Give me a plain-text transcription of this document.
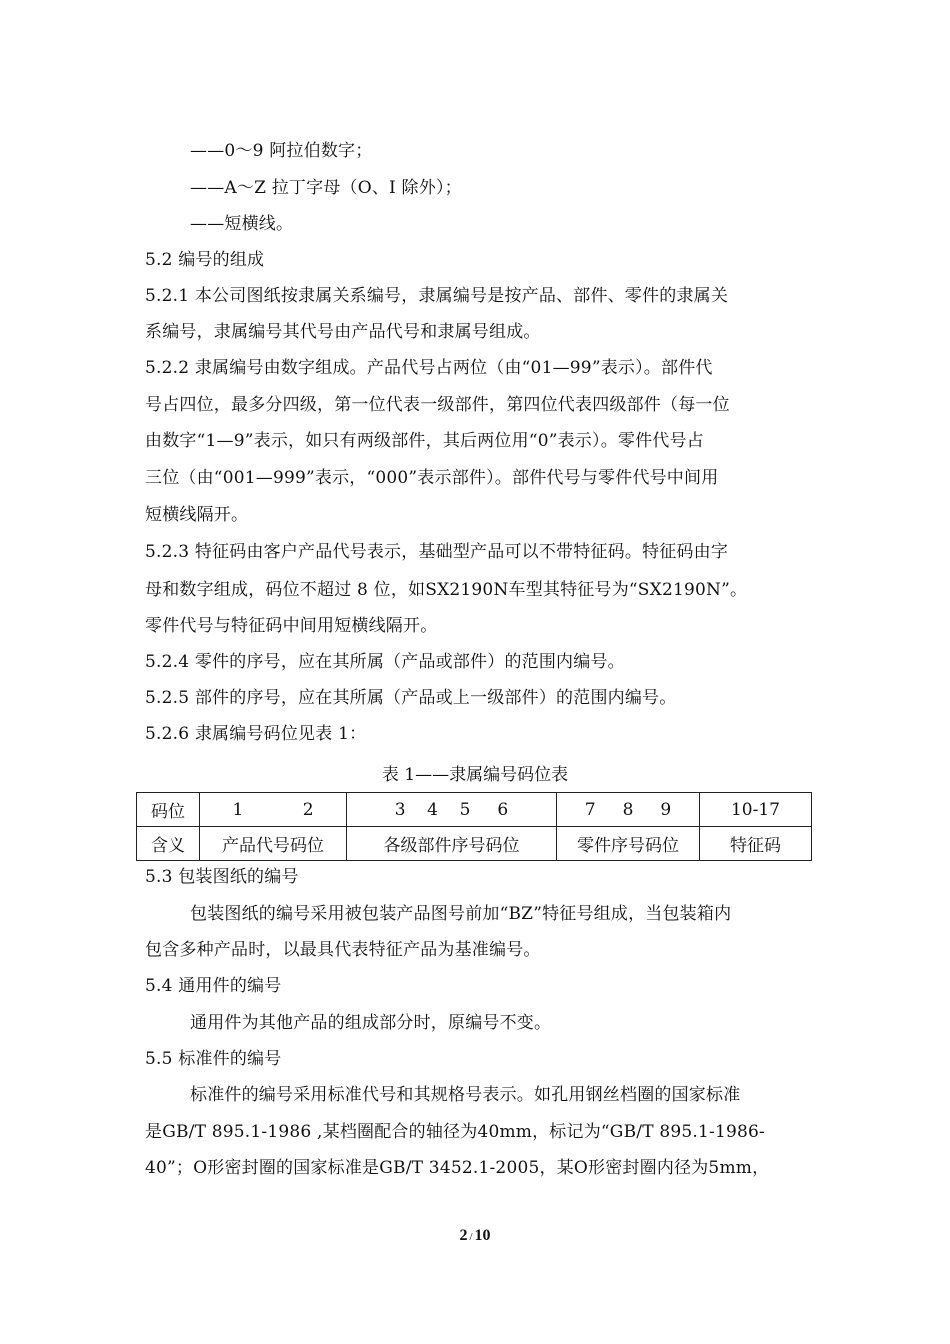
——0～9 阿拉伯数字；
——A～Z 拉丁字母（O、I 除外）；
——短横线。
5.2 编号的组成
5.2.1 本公司图纸按隶属关系编号，隶属编号是按产品、部件、零件的隶属关
系编号，隶属编号其代号由产品代号和隶属号组成。
5.2.2 隶属编号由数字组成。产品代号占两位（由“01—99”表示）。部件代
号占四位，最多分四级，第一位代表一级部件，第四位代表四级部件（每一位
由数字“1—9”表示，如只有两级部件，其后两位用“0”表示）。零件代号占
三位（由“001—999”表示，“000”表示部件）。部件代号与零件代号中间用
短横线隔开。
5.2.3 特征码由客户产品代号表示，基础型产品可以不带特征码。特征码由字
母和数字组成，码位不超过 8 位，如SX2190N车型其特征号为“SX2190N”。
零件代号与特征码中间用短横线隔开。
5.2.4 零件的序号，应在其所属（产品或部件）的范围内编号。
5.2.5 部件的序号，应在其所属（产品或上一级部件）的范围内编号。
5.2.6 隶属编号码位见表 1：
表 1——隶属编号码位表
码位	1           2	3    4    5     6	7     8     9	10-17
含义	产品代号码位	各级部件序号码位	零件序号码位	特征码
5.3 包装图纸的编号
包装图纸的编号采用被包装产品图号前加“BZ”特征号组成，当包装箱内
包含多种产品时，以最具代表特征产品为基准编号。
5.4 通用件的编号
通用件为其他产品的组成部分时，原编号不变。
5.5 标准件的编号
标准件的编号采用标准代号和其规格号表示。如孔用钢丝档圈的国家标准
是GB/T 895.1-1986 ,某档圈配合的轴径为40mm，标记为“GB/T 895.1-1986-
40”；O形密封圈的国家标准是GB/T 3452.1-2005，某O形密封圈内径为5mm，
2 / 10
